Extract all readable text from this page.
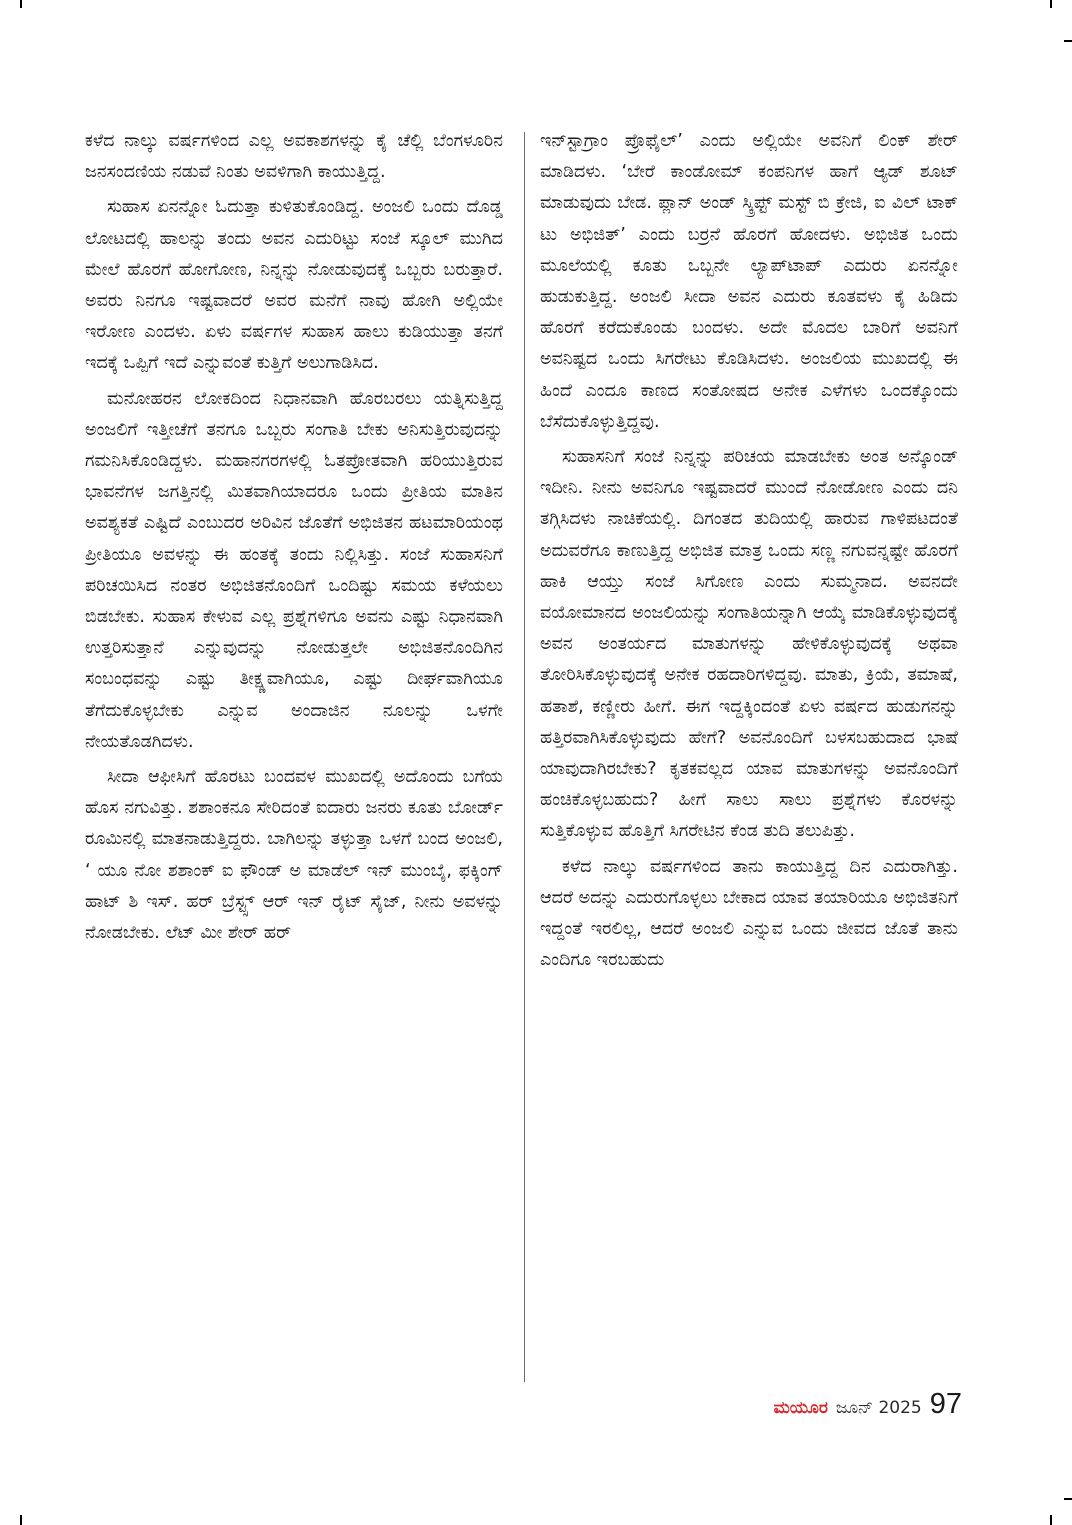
ಕಳೆದ ನಾಲ್ಕು ವರ್ಷಗಳಿಂದ ಎಲ್ಲ ಅವಕಾಶಗಳನ್ನು ಕೈ ಚೆಲ್ಲಿ ಬೆಂಗಳೂರಿನ ಜನಸಂದಣಿಯ ನಡುವೆ ನಿಂತು ಅವಳಿಗಾಗಿ ಕಾಯುತ್ತಿದ್ದ.

ಸುಹಾಸ ಏನನ್ನೋ ಓದುತ್ತಾ ಕುಳಿತುಕೊಂಡಿದ್ದ. ಅಂಜಲಿ ಒಂದು ದೊಡ್ಡ ಲೋಟದಲ್ಲಿ ಹಾಲನ್ನು ತಂದು ಅವನ ಎದುರಿಟ್ಟು ಸಂಜೆ ಸ್ಕೂಲ್ ಮುಗಿದ ಮೇಲೆ ಹೊರಗೆ ಹೋಗೋಣ, ನಿನ್ನನ್ನು ನೋಡುವುದಕ್ಕೆ ಒಬ್ಬರು ಬರುತ್ತಾರೆ. ಅವರು ನಿನಗೂ ಇಷ್ಟವಾದರೆ ಅವರ ಮನೆಗೆ ನಾವು ಹೋಗಿ ಅಲ್ಲಿಯೇ ಇರೋಣ ಎಂದಳು. ಏಳು ವರ್ಷಗಳ ಸುಹಾಸ ಹಾಲು ಕುಡಿಯುತ್ತಾ ತನಗೆ ಇದಕ್ಕೆ ಒಪ್ಪಿಗೆ ಇದೆ ಎನ್ನುವಂತೆ ಕುತ್ತಿಗೆ ಅಲುಗಾಡಿಸಿದ.

ಮನೋಹರನ ಲೋಕದಿಂದ ನಿಧಾನವಾಗಿ ಹೊರಬರಲು ಯತ್ನಿಸುತ್ತಿದ್ದ ಅಂಜಲಿಗೆ ಇತ್ತೀಚೆಗೆ ತನಗೂ ಒಬ್ಬರು ಸಂಗಾತಿ ಬೇಕು ಅನಿಸುತ್ತಿರುವುದನ್ನು ಗಮನಿಸಿಕೊಂಡಿದ್ದಳು. ಮಹಾನಗರಗಳಲ್ಲಿ ಓತಪ್ರೋತವಾಗಿ ಹರಿಯುತ್ತಿರುವ ಭಾವನೆಗಳ ಜಗತ್ತಿನಲ್ಲಿ ಮಿತವಾಗಿಯಾದರೂ ಒಂದು ಪ್ರೀತಿಯ ಮಾತಿನ ಅವಶ್ಯಕತೆ ಎಷ್ಟಿದೆ ಎಂಬುದರ ಅರಿವಿನ ಜೊತೆಗೆ ಅಭಿಜಿತನ ಹಟಮಾರಿಯಂಥ ಪ್ರೀತಿಯೂ ಅವಳನ್ನು ಈ ಹಂತಕ್ಕೆ ತಂದು ನಿಲ್ಲಿಸಿತ್ತು. ಸಂಜೆ ಸುಹಾಸನಿಗೆ ಪರಿಚಯಿಸಿದ ನಂತರ ಅಭಿಜಿತನೊಂದಿಗೆ ಒಂದಿಷ್ಟು ಸಮಯ ಕಳೆಯಲು ಬಿಡಬೇಕು. ಸುಹಾಸ ಕೇಳುವ ಎಲ್ಲ ಪ್ರಶ್ನೆಗಳಿಗೂ ಅವನು ಎಷ್ಟು ನಿಧಾನವಾಗಿ ಉತ್ತರಿಸುತ್ತಾನೆ ಎನ್ನುವುದನ್ನು ನೋಡುತ್ತಲೇ ಅಭಿಜಿತನೊಂದಿಗಿನ ಸಂಬಂಧವನ್ನು ಎಷ್ಟು ತೀಕ್ಷ್ಣವಾಗಿಯೂ, ಎಷ್ಟು ದೀರ್ಘವಾಗಿಯೂ ತೆಗೆದುಕೊಳ್ಳಬೇಕು ಎನ್ನುವ ಅಂದಾಜಿನ ನೂಲನ್ನು ಒಳಗೇ ನೇಯತೊಡಗಿದಳು.

ಸೀದಾ ಆಫೀಸಿಗೆ ಹೊರಟು ಬಂದವಳ ಮುಖದಲ್ಲಿ ಅದೊಂದು ಬಗೆಯ ಹೊಸ ನಗುವಿತ್ತು. ಶಶಾಂಕನೂ ಸೇರಿದಂತೆ ಐದಾರು ಜನರು ಕೂತು ಬೋರ್ಡ್ ರೂಮಿನಲ್ಲಿ ಮಾತನಾಡುತ್ತಿದ್ದರು. ಬಾಗಿಲನ್ನು ತಳ್ಳುತ್ತಾ ಒಳಗೆ ಬಂದ ಅಂಜಲಿ, ‘ ಯೂ ನೋ ಶಶಾಂಕ್ ಐ ಫೌಂಡ್ ಅ ಮಾಡೆಲ್ ಇನ್ ಮುಂಬೈ, ಫಕ್ಕಿಂಗ್ ಹಾಟ್ ಶಿ ಇಸ್. ಹರ್ ಬ್ರೆಸ್ಟ್ಸ್ ಆರ್ ಇನ್ ರೈಟ್ ಸೈಜ್, ನೀನು ಅವಳನ್ನು ನೋಡಬೇಕು. ಲೆಟ್ ಮೀ ಶೇರ್ ಹರ್

ಇನ್‌ಸ್ಟಾಗ್ರಾಂ ಪ್ರೊಫೈಲ್’ ಎಂದು ಅಲ್ಲಿಯೇ ಅವನಿಗೆ ಲಿಂಕ್ ಶೇರ್ ಮಾಡಿದಳು. ‘ಬೇರೆ ಕಾಂಡೋಮ್ ಕಂಪನಿಗಳ ಹಾಗೆ ಆ್ಯಡ್ ಶೂಟ್ ಮಾಡುವುದು ಬೇಡ. ಪ್ಲಾನ್ ಅಂಡ್ ಸ್ಕ್ರಿಪ್ಟ್ ಮಸ್ಟ್ ಬಿ ಕ್ರೇಜಿ, ಐ ವಿಲ್ ಟಾಕ್ ಟು ಅಭಿಜಿತ್’ ಎಂದು ಬರ್ರನೆ ಹೊರಗೆ ಹೋದಳು. ಅಭಿಜಿತ ಒಂದು ಮೂಲೆಯಲ್ಲಿ ಕೂತು ಒಬ್ಬನೇ ಲ್ಯಾಪ್‌ಟಾಪ್ ಎದುರು ಏನನ್ನೋ ಹುಡುಕುತ್ತಿದ್ದ. ಅಂಜಲಿ ಸೀದಾ ಅವನ ಎದುರು ಕೂತವಳು ಕೈ ಹಿಡಿದು ಹೊರಗೆ ಕರೆದುಕೊಂಡು ಬಂದಳು. ಅದೇ ಮೊದಲ ಬಾರಿಗೆ ಅವನಿಗೆ ಅವನಿಷ್ಟದ ಒಂದು ಸಿಗರೇಟು ಕೊಡಿಸಿದಳು. ಅಂಜಲಿಯ ಮುಖದಲ್ಲಿ ಈ ಹಿಂದೆ ಎಂದೂ ಕಾಣದ ಸಂತೋಷದ ಅನೇಕ ಎಳೆಗಳು ಒಂದಕ್ಕೊಂದು ಬೆಸೆದುಕೊಳ್ಳುತ್ತಿದ್ದವು.

ಸುಹಾಸನಿಗೆ ಸಂಜೆ ನಿನ್ನನ್ನು ಪರಿಚಯ ಮಾಡಬೇಕು ಅಂತ ಅನ್ಕೊಂಡ್ ಇದೀನಿ. ನೀನು ಅವನಿಗೂ ಇಷ್ಟವಾದರೆ ಮುಂದೆ ನೋಡೋಣ ಎಂದು ದನಿ ತಗ್ಗಿಸಿದಳು ನಾಚಿಕೆಯಲ್ಲಿ. ದಿಗಂತದ ತುದಿಯಲ್ಲಿ ಹಾರುವ ಗಾಳಿಪಟದಂತೆ ಅದುವರೆಗೂ ಕಾಣುತ್ತಿದ್ದ ಅಭಿಜಿತ ಮಾತ್ರ ಒಂದು ಸಣ್ಣ ನಗುವನ್ನಷ್ಟೇ ಹೊರಗೆ ಹಾಕಿ ಆಯ್ತು ಸಂಜೆ ಸಿಗೋಣ ಎಂದು ಸುಮ್ಮನಾದ. ಅವನದೇ ವಯೋಮಾನದ ಅಂಜಲಿಯನ್ನು ಸಂಗಾತಿಯನ್ನಾಗಿ ಆಯ್ಕೆ ಮಾಡಿಕೊಳ್ಳುವುದಕ್ಕೆ ಅವನ ಅಂತರ್ಯದ ಮಾತುಗಳನ್ನು ಹೇಳಿಕೊಳ್ಳುವುದಕ್ಕೆ ಅಥವಾ ತೋರಿಸಿಕೊಳ್ಳುವುದಕ್ಕೆ ಅನೇಕ ರಹದಾರಿಗಳಿದ್ದವು. ಮಾತು, ಕ್ರಿಯೆ, ತಮಾಷೆ, ಹತಾಶೆ, ಕಣ್ಣೀರು ಹೀಗೆ. ಈಗ ಇದ್ದಕ್ಕಿಂದಂತೆ ಏಳು ವರ್ಷದ ಹುಡುಗನನ್ನು ಹತ್ತಿರವಾಗಿಸಿಕೊಳ್ಳುವುದು ಹೇಗೆ? ಅವನೊಂದಿಗೆ ಬಳಸಬಹುದಾದ ಭಾಷೆ ಯಾವುದಾಗಿರಬೇಕು? ಕೃತಕವಲ್ಲದ ಯಾವ ಮಾತುಗಳನ್ನು ಅವನೊಂದಿಗೆ ಹಂಚಿಕೊಳ್ಳಬಹುದು? ಹೀಗೆ ಸಾಲು ಸಾಲು ಪ್ರಶ್ನೆಗಳು ಕೊರಳನ್ನು ಸುತ್ತಿಕೊಳ್ಳುವ ಹೊತ್ತಿಗೆ ಸಿಗರೇಟಿನ ಕೆಂಡ ತುದಿ ತಲುಪಿತ್ತು.

ಕಳೆದ ನಾಲ್ಕು ವರ್ಷಗಳಿಂದ ತಾನು ಕಾಯುತ್ತಿದ್ದ ದಿನ ಎದುರಾಗಿತ್ತು. ಆದರೆ ಅದನ್ನು ಎದುರುಗೊಳ್ಳಲು ಬೇಕಾದ ಯಾವ ತಯಾರಿಯೂ ಅಭಿಜಿತನಿಗೆ ಇದ್ದಂತೆ ಇರಲಿಲ್ಲ, ಆದರೆ ಅಂಜಲಿ ಎನ್ನುವ ಒಂದು ಜೀವದ ಜೊತೆ ತಾನು ಎಂದಿಗೂ ಇರಬಹುದು

ಮಯೂರ ಜೂನ್ 2025 97
